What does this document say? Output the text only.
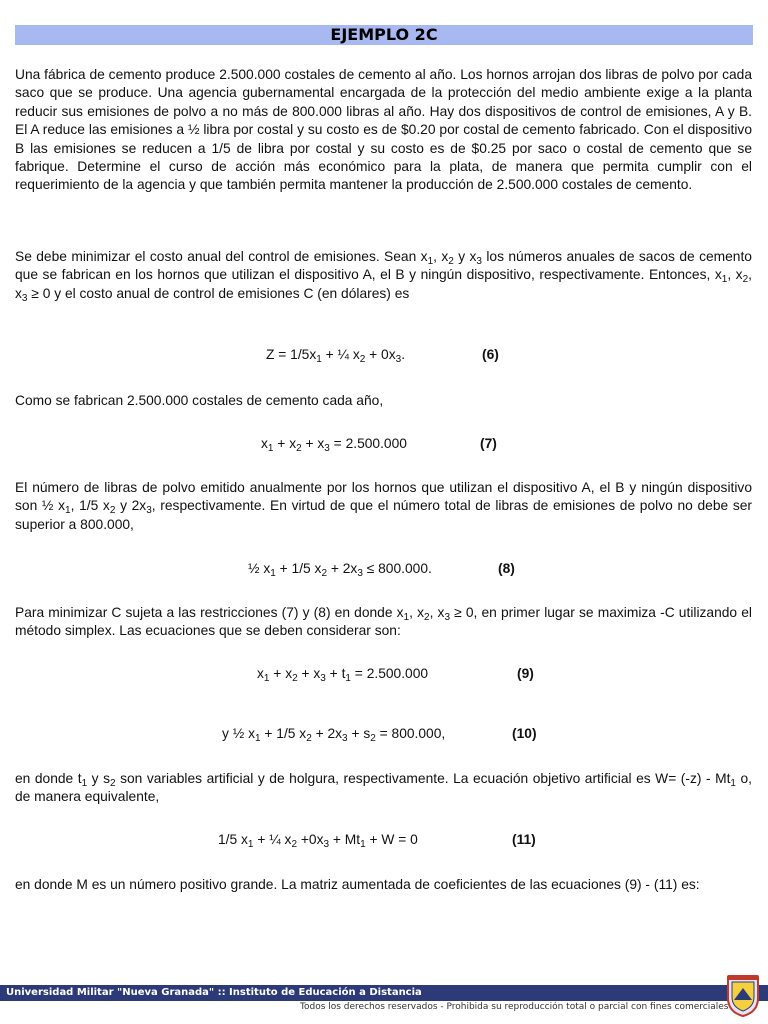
EJEMPLO 2C

Una fábrica de cemento produce 2.500.000 costales de cemento al año. Los hornos arrojan dos libras de polvo por cada saco que se produce. Una agencia gubernamental encargada de la protección del medio ambiente exige a la planta reducir sus emisiones de polvo a no más de 800.000 libras al año. Hay dos dispositivos de control de emisiones, A y B. El A reduce las emisiones a ½ libra por costal y su costo es de $0.20 por costal de cemento fabricado. Con el dispositivo B las emisiones se reducen a 1/5 de libra por costal y su costo es de $0.25 por saco o costal de cemento que se fabrique. Determine el curso de acción más económico para la plata, de manera que permita cumplir con el requerimiento de la agencia y que también permita mantener la producción de 2.500.000 costales de cemento.

Se debe minimizar el costo anual del control de emisiones. Sean $x_1$, $x_2$ y $x_3$ los números anuales de sacos de cemento que se fabrican en los hornos que utilizan el dispositivo A, el B y ningún dispositivo, respectivamente. Entonces, $x_1$, $x_2$, $x_3 \ge 0$ y el costo anual de control de emisiones C (en dólares) es

$Z = 1/5x_1$ + ¼ $x_2 + 0x_3$.	(6)

Como se fabrican 2.500.000 costales de cemento cada año,

$x_1 + x_2 + x_3 = 2.500.000$	(7)

El número de libras de polvo emitido anualmente por los hornos que utilizan el dispositivo A, el B y ningún dispositivo son ½ $x_1$, 1/5 $x_2$ y $2x_3$, respectivamente. En virtud de que el número total de libras de emisiones de polvo no debe ser superior a 800.000,

½ $x_1 + 1/5$ $x_2 + 2x_3 \le 800.000$.	(8)

Para minimizar C sujeta a las restricciones (7) y (8) en donde $x_1$, $x_2$, $x_3 \ge 0$, en primer lugar se maximiza -C utilizando el método simplex. Las ecuaciones que se deben considerar son:

$x_1 + x_2 + x_3 + t_1 = 2.500.000$	(9)
y ½ $x_1 + 1/5$ $x_2 + 2x_3 + s_2 = 800.000$,	(10)

en donde $t_1$ y $s_2$ son variables artificial y de holgura, respectivamente. La ecuación objetivo artificial es $W= (-z) - Mt_1$ o, de manera equivalente,

1/5 $x_1$ + ¼ $x_2 +0x_3 + Mt_1 + W = 0$	(11)

en donde M es un número positivo grande. La matriz aumentada de coeficientes de las ecuaciones (9) - (11) es:

Universidad Militar "Nueva Granada" :: Instituto de Educación a Distancia
Todos los derechos reservados - Prohibida su reproducción total o parcial con fines comerciales
